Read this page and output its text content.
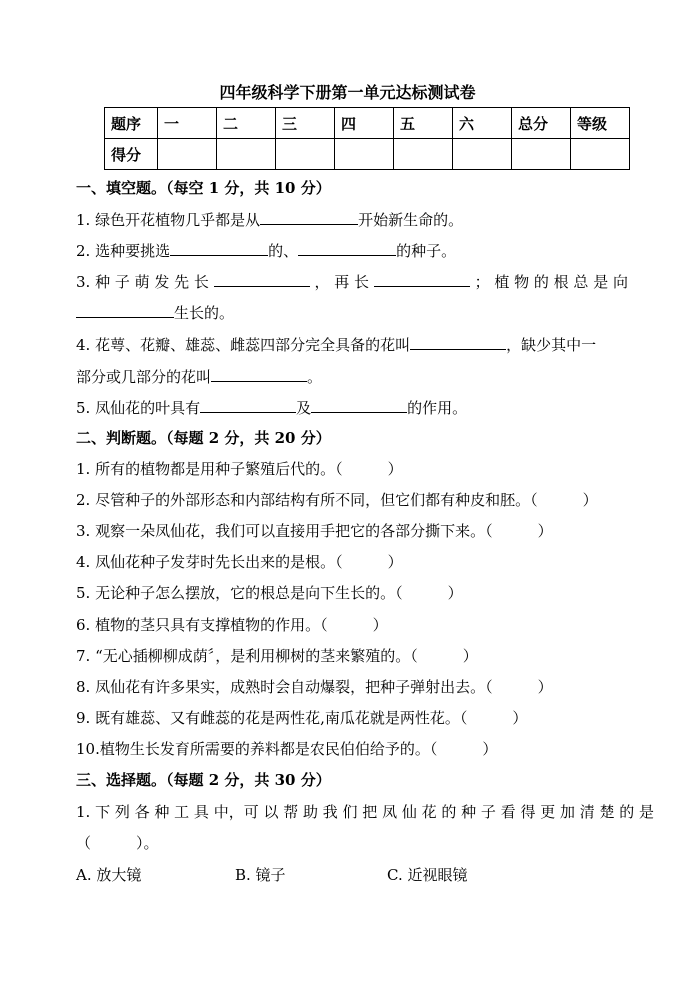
四年级科学下册第一单元达标测试卷
题序	一	二	三	四	五	六	总分	等级
得分								
一、填空题。（每空 1 分，共 10 分）
1. 绿色开花植物几乎都是从	开始新生命的。
2. 选种要挑选	的、	的种子。
3. 种 子 萌 发 先 长	， 再 长	； 植 物 的 根 总 是 向
生长的。
4. 花萼、花瓣、雄蕊、雌蕊四部分完全具备的花叫	，缺少其中一
部分或几部分的花叫	。
5. 凤仙花的叶具有	及	的作用。
二、判断题。（每题 2 分，共 20 分）
1. 所有的植物都是用种子繁殖后代的。（　　　）
2. 尽管种子的外部形态和内部结构有所不同，但它们都有种皮和胚。（　　　）
3. 观察一朵凤仙花，我们可以直接用手把它的各部分撕下来。（　　　）
4. 凤仙花种子发芽时先长出来的是根。（　　　）
5. 无论种子怎么摆放，它的根总是向下生长的。（　　　）
6. 植物的茎只具有支撑植物的作用。（　　　）
7. “无心插柳柳成荫〞，是利用柳树的茎来繁殖的。（　　　）
8. 凤仙花有许多果实，成熟时会自动爆裂，把种子弹射出去。（　　　）
9. 既有雄蕊、又有雌蕊的花是两性花,南瓜花就是两性花。（　　　）
10.植物生长发育所需要的养料都是农民伯伯给予的。（　　　）
三、选择题。（每题 2 分，共 30 分）
1. 下 列 各 种 工 具 中，可 以 帮 助 我 们 把 凤 仙 花 的 种 子 看 得 更 加 清 楚 的 是
（　　　）。
A. 放大镜	B. 镜子	C. 近视眼镜
